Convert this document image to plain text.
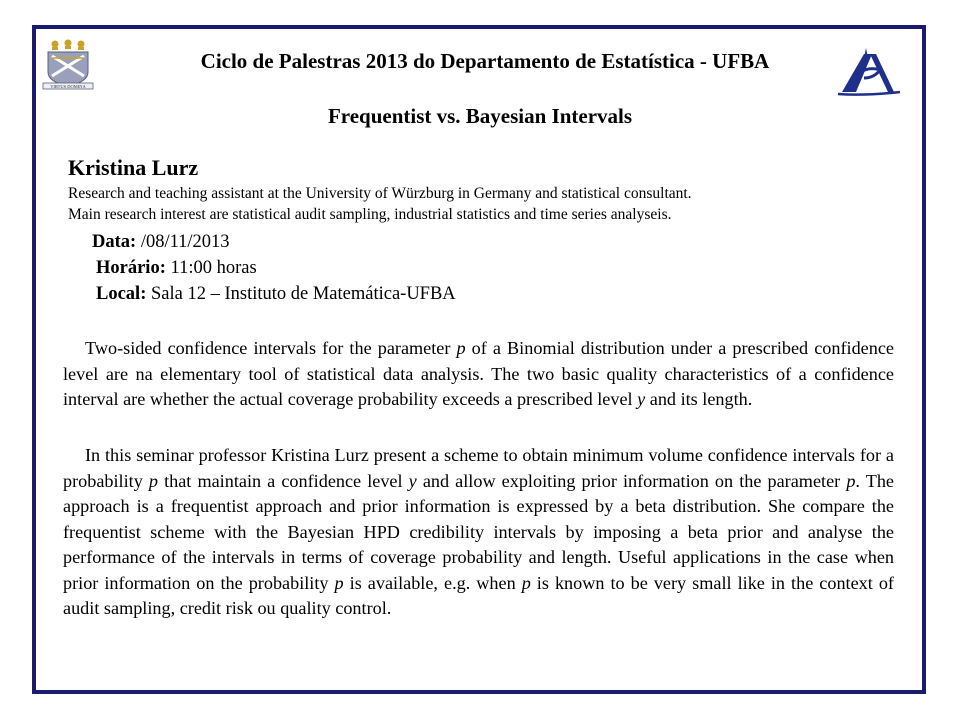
VIRTUS DOMINA
Ciclo de Palestras 2013 do Departamento de Estatística - UFBA
Frequentist vs. Bayesian Intervals
Kristina Lurz
Research and teaching assistant at the University of Würzburg in Germany and statistical consultant.
Main research interest are statistical audit sampling, industrial statistics and time series analyseis.
Data: /08/11/2013
Horário: 11:00 horas
Local: Sala 12 – Instituto de Matemática-UFBA
Two-sided confidence intervals for the parameter p of a Binomial distribution under a prescribed confidence level are na elementary tool of statistical data analysis. The two basic quality characteristics of a confidence interval are whether the actual coverage probability exceeds a prescribed level y and its length.
In this seminar professor Kristina Lurz present a scheme to obtain minimum volume confidence intervals for a probability p that maintain a confidence level y and allow exploiting prior information on the parameter p. The approach is a frequentist approach and prior information is expressed by a beta distribution. She compare the frequentist scheme with the Bayesian HPD credibility intervals by imposing a beta prior and analyse the performance of the intervals in terms of coverage probability and length. Useful applications in the case when prior information on the probability p is available, e.g. when p is known to be very small like in the context of audit sampling, credit risk ou quality control.
